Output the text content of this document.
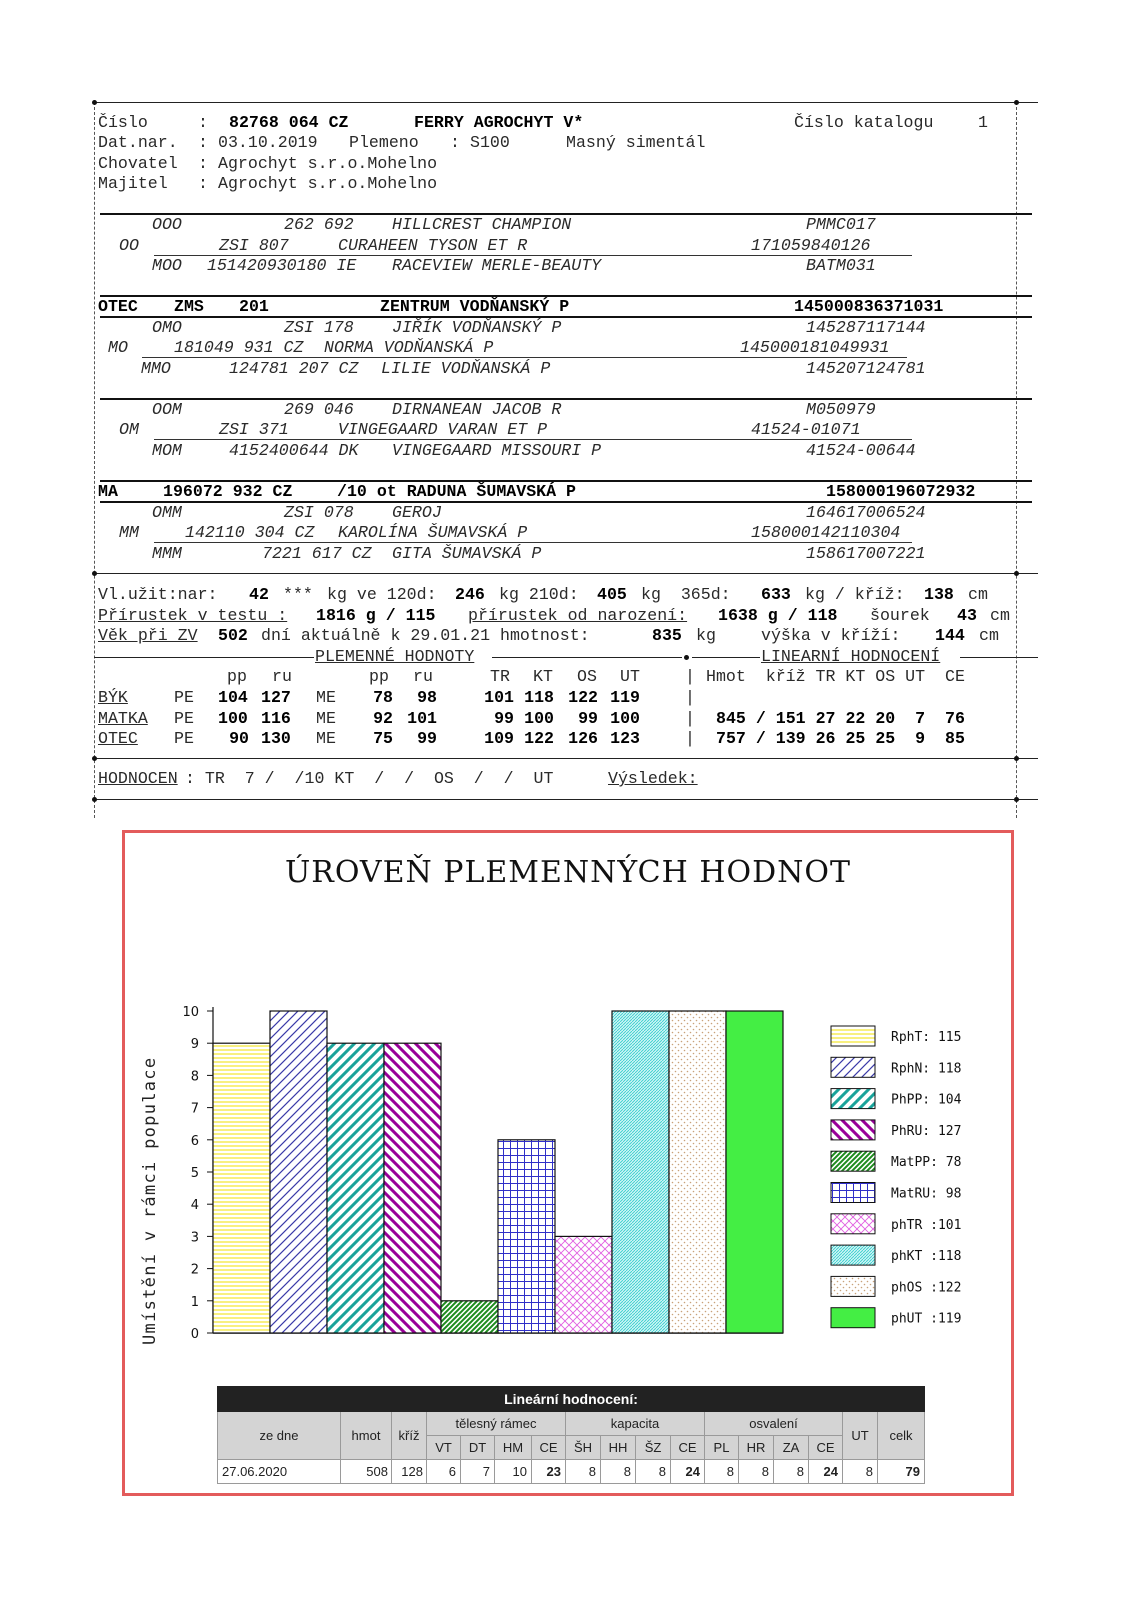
Číslo	: 82768 064 CZ	FERRY AGROCHYT V*	Číslo katalogu	1
Dat.nar. : 03.10.2019 Plemeno : S100	Masný simentál
Chovatel : Agrochyt s.r.o.Mohelno
Majitel : Agrochyt s.r.o.Mohelno
OOO	262 692 HILLCREST CHAMPION	PMMC017
OO	ZSI 807	CURAHEEN TYSON ET R	171059840126
MOO 151420930180 IE RACEVIEW MERLE-BEAUTY	BATM031
OTEC ZMS 201	ZENTRUM VODŇANSKÝ P	145000836371031
OMO	ZSI 178 JIŘÍK VODŇANSKÝ P	145287117144
MO	181049 931 CZ NORMA VODŇANSKÁ P	145000181049931
MMO	124781 207 CZ LILIE VODŇANSKÁ P	145207124781
OOM	269 046 DIRNANEAN JACOB R	M050979
OM	ZSI 371	VINGEGAARD VARAN ET P	41524-01071
MOM	4152400644 DK VINGEGAARD MISSOURI P	41524-00644
MA	196072 932 CZ	/10 ot RADUNA ŠUMAVSKÁ P	158000196072932
OMM	ZSI 078 GEROJ	164617006524
MM	142110 304 CZ KAROLÍNA ŠUMAVSKÁ P	158000142110304
MMM	7221 617 CZ GITA ŠUMAVSKÁ P	158617007221
Vl.užit:nar: 42 *** kg ve 120d: 246 kg 210d: 405 kg  365d: 633 kg / kříž: 138 cm
Přírustek v testu : 1816 g / 115 přírustek od narození: 1638 g / 118 šourek 43 cm
Věk při ZV 502 dní aktuálně k 29.01.21 hmotnost:	835 kg	výška v kříží: 144 cm
PLEMENNÉ HODNOTY	LINEARNÍ HODNOCENÍ
pp ru	pp ru	TR KT OS UT	| Hmot  kříž TR KT OS UT  CE
BÝK	PE 104 127 ME	78	98	101 118 122 119	|
MATKA PE 100 116 ME	92 101	99 100	99 100	| 845 / 151 27 22 20  7  76
OTEC PE	90 130 ME	75	99	109 122 126 123	| 757 / 139 26 25 25  9  85
HODNOCEN : TR  7 /  /10 KT  /  /  OS  /  /  UT	Výsledek:
ÚROVEŇ PLEMENNÝCH HODNOT
0
1
2
3
4
5
6
7
8
9
10
RphT: 115
RphN: 118
PhPP: 104
PhRU: 127
MatPP: 78
MatRU: 98
phTR :101
phKT :118
phOS :122
phUT :119
Umístění v rámci populace
Lineární hodnocení:																
ze dne	hmot	kříž	tělesný rámec				kapacita				osvalení				UT	celk
			VT	DT	HM	CE	ŠH	HH	ŠZ	CE	PL	HR	ZA	CE		
27.06.2020	508	128	6	7	10	23	8	8	8	24	8	8	8	24	8	79
